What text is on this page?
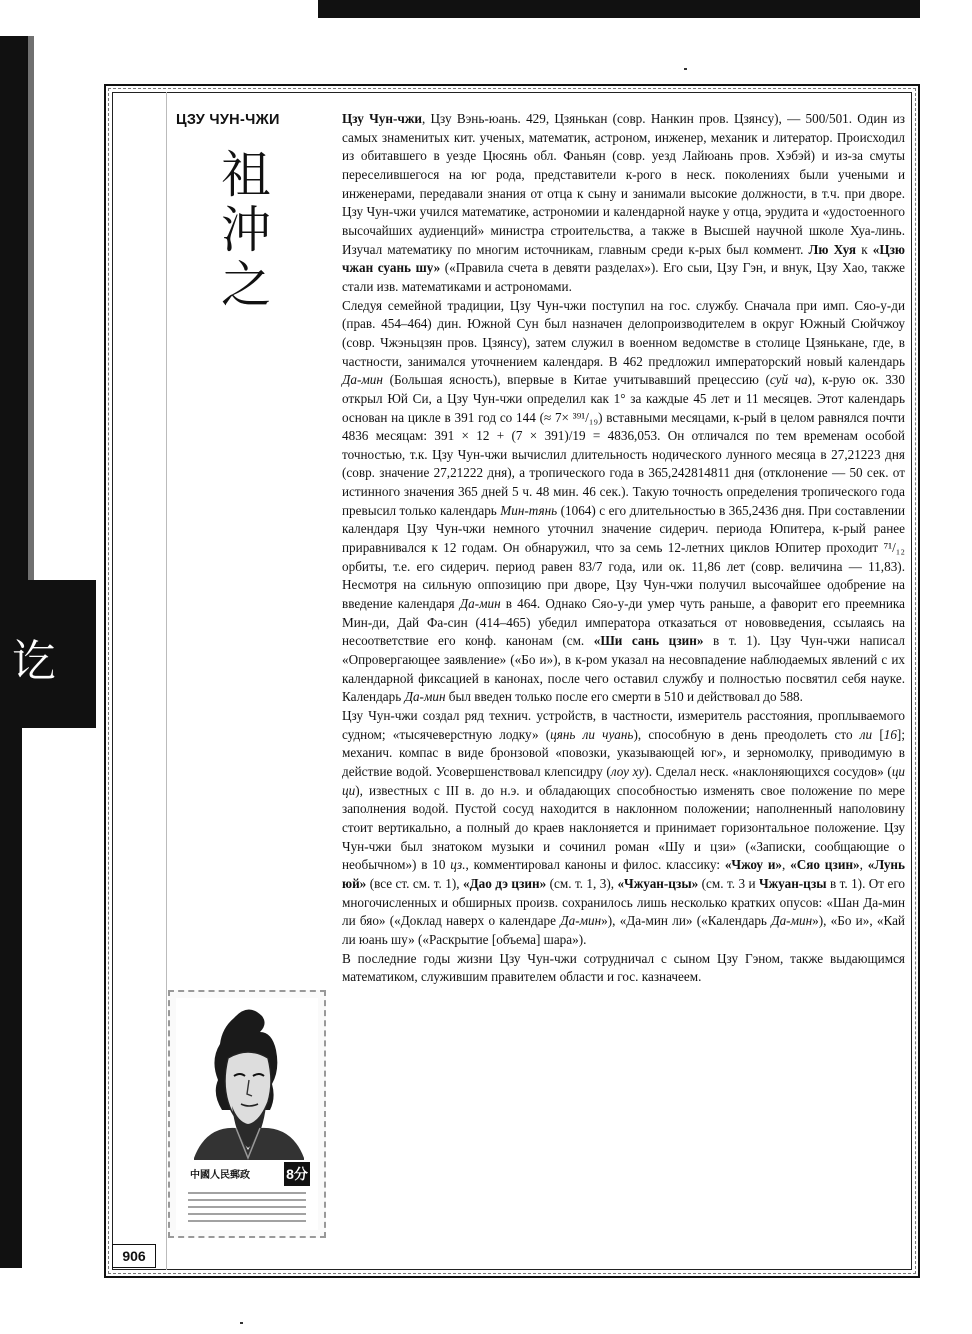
讫
ЦЗУ ЧУН-ЧЖИ
祖
沖
之
中國人民郵政	8分

Цзу Чун-чжи, Цзу Вэнь-юань. 429, Цзянькан (совр. Нанкин пров. Цзянсу), — 500/501. Один из самых знаменитых кит. ученых, математик, астроном, инженер, механик и литератор. Происходил из обитавшего в уезде Цюсянь обл. Фаньян (совр. уезд Лайюань пров. Хэбэй) и из-за смуты переселившегося на юг рода, представители к-рого в неск. поколениях были учеными и инженерами, передавали знания от отца к сыну и занимали высокие должности, в т.ч. при дворе. Цзу Чун-чжи учился математике, астрономии и календарной науке у отца, эрудита и «удостоенного высочайших аудиенций» министра строительства, а также в Высшей научной школе Хуа-линь. Изучал математику по многим источникам, главным среди к-рых был коммент. Лю Хуя к «Цзю чжан суань шу» («Правила счета в девяти разделах»). Его сыи, Цзу Гэн, и внук, Цзу Хао, также стали изв. математиками и астрономами.

Следуя семейной традиции, Цзу Чун-чжи поступил на гос. службу. Сначала при имп. Сяо-у-ди (прав. 454–464) дин. Южной Сун был назначен делопроизводителем в округ Южный Сюйчжоу (совр. Чжэньцзян пров. Цзянсу), затем служил в военном ведомстве в столице Цзянькане, где, в частности, занимался уточнением календаря. В 462 предложил императорский новый календарь Да-мин (Большая ясность), впервые в Китае учитывавший прецессию (суй ча), к-рую ок. 330 открыл Юй Си, а Цзу Чун-чжи определил как 1° за каждые 45 лет и 11 месяцев. Этот календарь основан на цикле в 391 год со 144 (≈ 7× ³⁹¹/₁₉) вставными месяцами, к-рый в целом равнялся почти 4836 месяцам: 391 × 12 + (7 × 391)/19 = 4836,053. Он отличался по тем временам особой точностью, т.к. Цзу Чун-чжи вычислил длительность нодического лунного месяца в 27,21223 дня (совр. значение 27,21222 дня), а тропического года в 365,242814811 дня (отклонение — 50 сек. от истинного значения 365 дней 5 ч. 48 мин. 46 сек.). Такую точность определения тропического года превысил только календарь Мин-тянь (1064) с его длительностью в 365,2436 дня. При составлении календаря Цзу Чун-чжи немного уточнил значение сидерич. периода Юпитера, к-рый ранее приравнивался к 12 годам. Он обнаружил, что за семь 12-летних циклов Юпитер проходит ⁷¹/₁₂ орбиты, т.е. его сидерич. период равен 83/7 года, или ок. 11,86 лет (совр. величина — 11,83). Несмотря на сильную оппозицию при дворе, Цзу Чун-чжи получил высочайшее одобрение на введение календаря Да-мин в 464. Однако Сяо-у-ди умер чуть раньше, а фаворит его преемника Мин-ди, Дай Фа-син (414–465) убедил императора отказаться от нововведения, ссылаясь на несоответствие его конф. канонам (см. «Ши сань цзин» в т. 1). Цзу Чун-чжи написал «Опровергающее заявление» («Бо и»), в к-ром указал на несовпадение наблюдаемых явлений с их календарной фиксацией в канонах, после чего оставил службу и полностью посвятил себя науке. Календарь Да-мин был введен только после его смерти в 510 и действовал до 588.

Цзу Чун-чжи создал ряд технич. устройств, в частности, измеритель расстояния, проплываемого судном; «тысячеверстную лодку» (цянь ли чуань), способную в день преодолеть сто ли [16]; механич. компас в виде бронзовой «повозки, указывающей юг», и зерномолку, приводимую в действие водой. Усовершенствовал клепсидру (лоу ху). Сделал неск. «наклоняющихся сосудов» (ци ци), известных с III в. до н.э. и обладающих способностью изменять свое положение по мере заполнения водой. Пустой сосуд находится в наклонном положении; наполненный наполовину стоит вертикально, а полный до краев наклоняется и принимает горизонтальное положение. Цзу Чун-чжи был знатоком музыки и сочинил роман «Шу и цзи» («Записки, сообщающие о необычном») в 10 цз., комментировал каноны и филос. классику: «Чжоу и», «Сяо цзин», «Лунь юй» (все ст. см. т. 1), «Дао дэ цзин» (см. т. 1, 3), «Чжуан-цзы» (см. т. 3 и Чжуан-цзы в т. 1). От его многочисленных и обширных произв. сохранилось лишь несколько кратких опусов: «Шан Да-мин ли бяо» («Доклад наверх о календаре Да-мин»), «Да-мин ли» («Календарь Да-мин»), «Бо и», «Кай ли юань шу» («Раскрытие [объема] шара»).

В последние годы жизни Цзу Чун-чжи сотрудничал с сыном Цзу Гэном, также выдающимся математиком, служившим правителем области и гос. казначеем.

906
